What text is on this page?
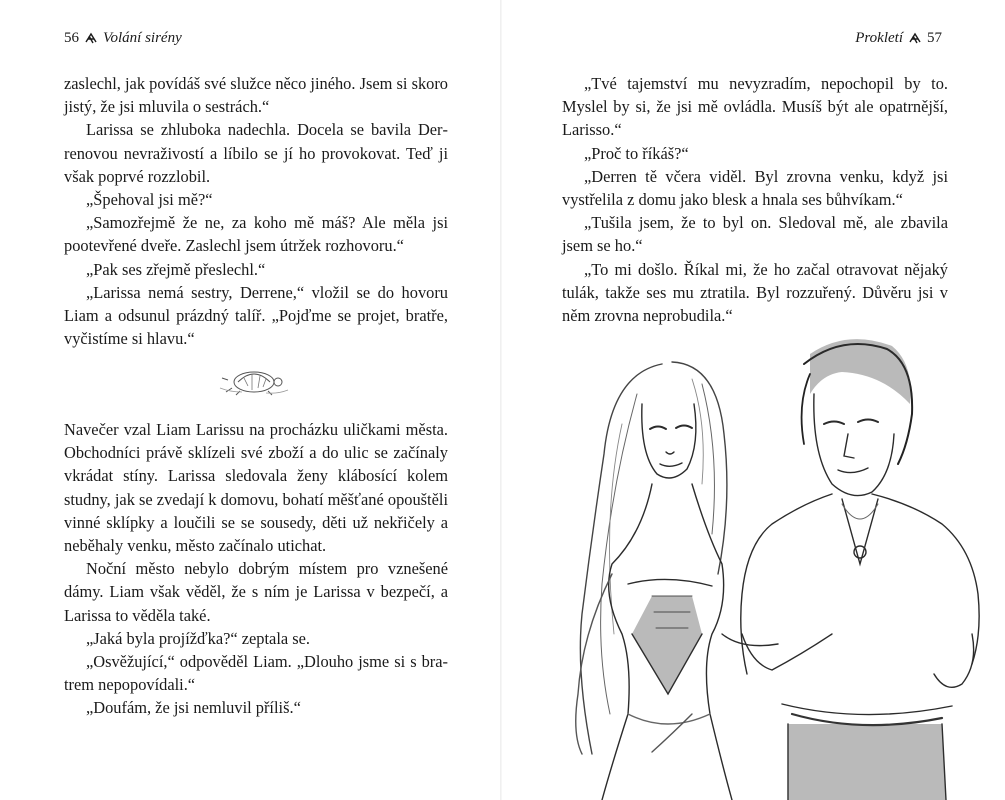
56 Volání sirény

zaslechl, jak povídáš své služce něco jiného. Jsem si skoro jistý, že jsi mluvila o sestrách.“

Larissa se zhluboka nadechla. Docela se bavila Derrenovou nevraživostí a líbilo se jí ho provokovat. Teď ji však poprvé rozzlobil.

„Špehoval jsi mě?“

„Samozřejmě že ne, za koho mě máš? Ale měla jsi pootevřené dveře. Zaslechl jsem útržek rozhovoru.“

„Pak ses zřejmě přeslechl.“

„Larissa nemá sestry, Derrene,“ vložil se do hovoru Liam a odsunul prázdný talíř. „Pojďme se projet, bratře, vyčistíme si hlavu.“

Navečer vzal Liam Larissu na procházku uličkami města. Obchodníci právě sklízeli své zboží a do ulic se začínaly vkrádat stíny. Larissa sledovala ženy klábosící kolem studny, jak se zvedají k domovu, bohatí měšťané opouštěli vinné sklípky a loučili se se sousedy, děti už nekřičely a neběhaly venku, město začínalo utichat.

Noční město nebylo dobrým místem pro vznešené dámy. Liam však věděl, že s ním je Larissa v bezpečí, a Larissa to věděla také.

„Jaká byla projížďka?“ zeptala se.

„Osvěžující,“ odpověděl Liam. „Dlouho jsme si s bratrem nepopovídali.“

„Doufám, že jsi nemluvil příliš.“

Prokletí 57

„Tvé tajemství mu nevyzradím, nepochopil by to. Myslel by si, že jsi mě ovládla. Musíš být ale opatrnější, Larisso.“

„Proč to říkáš?“

„Derren tě včera viděl. Byl zrovna venku, když jsi vystřelila z domu jako blesk a hnala ses bůhvíkam.“

„Tušila jsem, že to byl on. Sledoval mě, ale zbavila jsem se ho.“

„To mi došlo. Říkal mi, že ho začal otravovat nějaký tulák, takže ses mu ztratila. Byl rozzuřený. Důvěru jsi v něm zrovna neprobudila.“
